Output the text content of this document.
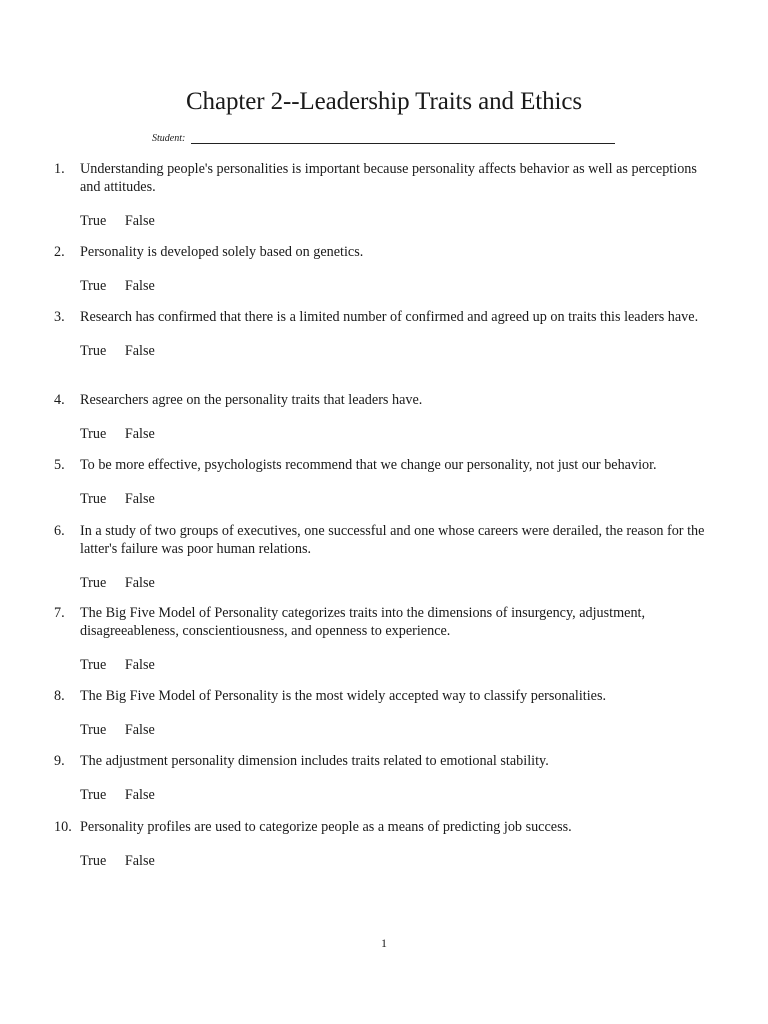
Chapter 2--Leadership Traits and Ethics
Student:
1.	Understanding people's personalities is important because personality affects behavior as well as perceptions and attitudes.
True False
2.	Personality is developed solely based on genetics.
True False
3.	Research has confirmed that there is a limited number of confirmed and agreed up on traits this leaders have.
True False
4.	Researchers agree on the personality traits that leaders have.
True False
5.	To be more effective, psychologists recommend that we change our personality, not just our behavior.
True False
6.	In a study of two groups of executives, one successful and one whose careers were derailed, the reason for the latter's failure was poor human relations.
True False
7.	The Big Five Model of Personality categorizes traits into the dimensions of insurgency, adjustment, disagreeableness, conscientiousness, and openness to experience.
True False
8.	The Big Five Model of Personality is the most widely accepted way to classify personalities.
True False
9.	The adjustment personality dimension includes traits related to emotional stability.
True False
10. Personality profiles are used to categorize people as a means of predicting job success.
True False
1
